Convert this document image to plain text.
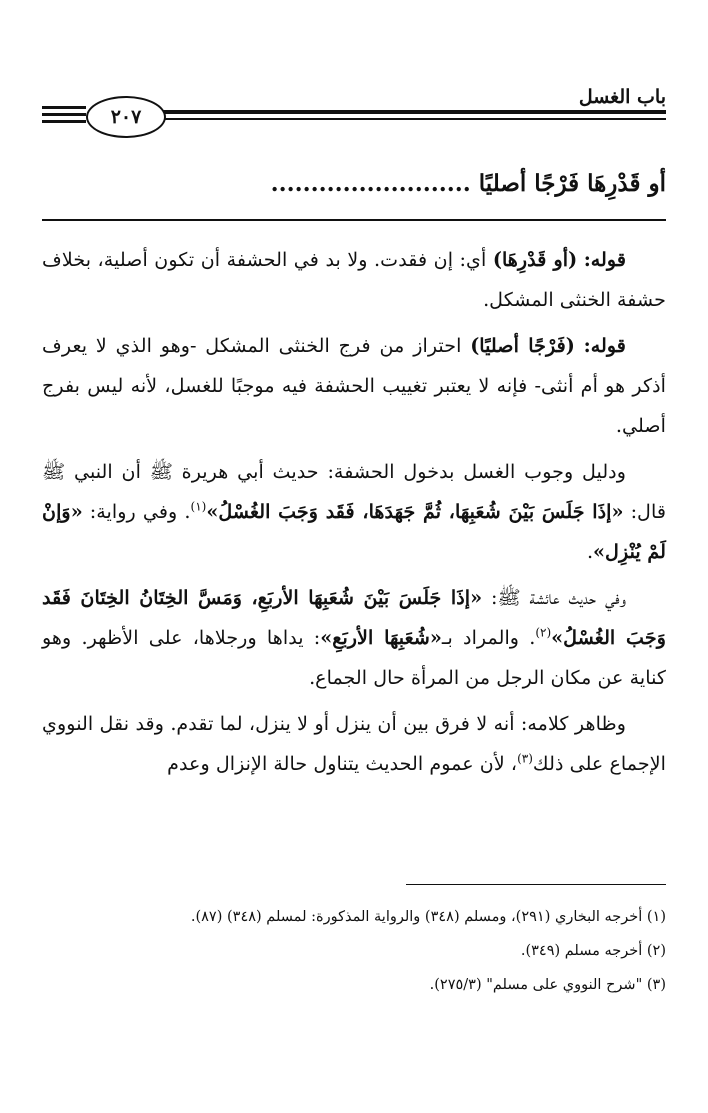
باب الغسل
٢٠٧
أو قَدْرِهَا فَرْجًا أصليًا .........................

قوله: (أو قَدْرِهَا) أي: إن فقدت. ولا بد في الحشفة أن تكون أصلية، بخلاف حشفة الخنثى المشكل.

قوله: (فَرْجًا أصليًا) احتراز من فرج الخنثى المشكل -وهو الذي لا يعرف أذكر هو أم أنثى- فإنه لا يعتبر تغييب الحشفة فيه موجبًا للغسل، لأنه ليس بفرج أصلي.

ودليل وجوب الغسل بدخول الحشفة: حديث أبي هريرة ﷺ أن النبي ﷺ قال: «إذَا جَلَسَ بَيْنَ شُعَبِهَا، ثُمَّ جَهَدَهَا، فَقَد وَجَبَ الغُسْلُ»$^{(١)}$. وفي رواية: «وَإنْ لَمْ يُنْزِل».

وفي حديث عائشة ﷺ: «إذَا جَلَسَ بَيْنَ شُعَبِهَا الأربَعِ، وَمَسَّ الخِتَانُ الخِتَانَ فَقَد وَجَبَ الغُسْلُ»$^{(٢)}$. والمراد بـ«شُعَبِهَا الأربَعِ»: يداها ورجلاها، على الأظهر. وهو كناية عن مكان الرجل من المرأة حال الجماع.

وظاهر كلامه: أنه لا فرق بين أن ينزل أو لا ينزل، لما تقدم. وقد نقل النووي الإجماع على ذلك$^{(٣)}$، لأن عموم الحديث يتناول حالة الإنزال وعدم

(١) أخرجه البخاري (٢٩١)، ومسلم (٣٤٨) والرواية المذكورة: لمسلم (٣٤٨) (٨٧).
(٢) أخرجه مسلم (٣٤٩).
(٣) "شرح النووي على مسلم" (٢٧٥/٣).
